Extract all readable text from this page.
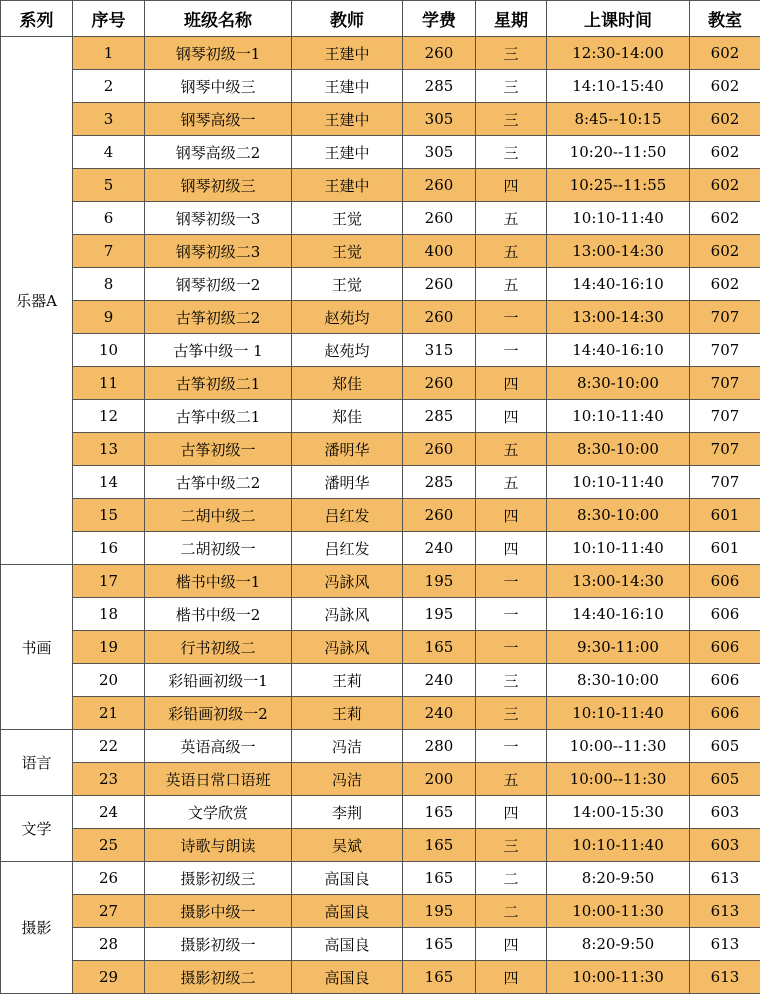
系列	序号	班级名称	教师	学费	星期	上课时间	教室
乐器A	1	钢琴初级一1	王建中	260	三	12:30-14:00	602
	2	钢琴中级三	王建中	285	三	14:10-15:40	602
	3	钢琴高级一	王建中	305	三	8:45--10:15	602
	4	钢琴高级二2	王建中	305	三	10:20--11:50	602
	5	钢琴初级三	王建中	260	四	10:25--11:55	602
	6	钢琴初级一3	王觉	260	五	10:10-11:40	602
	7	钢琴初级二3	王觉	400	五	13:00-14:30	602
	8	钢琴初级一2	王觉	260	五	14:40-16:10	602
	9	古筝初级二2	赵苑均	260	一	13:00-14:30	707
	10	古筝中级一 1	赵苑均	315	一	14:40-16:10	707
	11	古筝初级二1	郑佳	260	四	8:30-10:00	707
	12	古筝中级二1	郑佳	285	四	10:10-11:40	707
	13	古筝初级一	潘明华	260	五	8:30-10:00	707
	14	古筝中级二2	潘明华	285	五	10:10-11:40	707
	15	二胡中级二	吕红发	260	四	8:30-10:00	601
	16	二胡初级一	吕红发	240	四	10:10-11:40	601
书画	17	楷书中级一1	冯詠风	195	一	13:00-14:30	606
	18	楷书中级一2	冯詠风	195	一	14:40-16:10	606
	19	行书初级二	冯詠风	165	一	9:30-11:00	606
	20	彩铅画初级一1	王莉	240	三	8:30-10:00	606
	21	彩铅画初级一2	王莉	240	三	10:10-11:40	606
语言	22	英语高级一	冯洁	280	一	10:00--11:30	605
	23	英语日常口语班	冯洁	200	五	10:00--11:30	605
文学	24	文学欣赏	李荆	165	四	14:00-15:30	603
	25	诗歌与朗读	吴斌	165	三	10:10-11:40	603
摄影	26	摄影初级三	高国良	165	二	8:20-9:50	613
	27	摄影中级一	高国良	195	二	10:00-11:30	613
	28	摄影初级一	高国良	165	四	8:20-9:50	613
	29	摄影初级二	高国良	165	四	10:00-11:30	613
